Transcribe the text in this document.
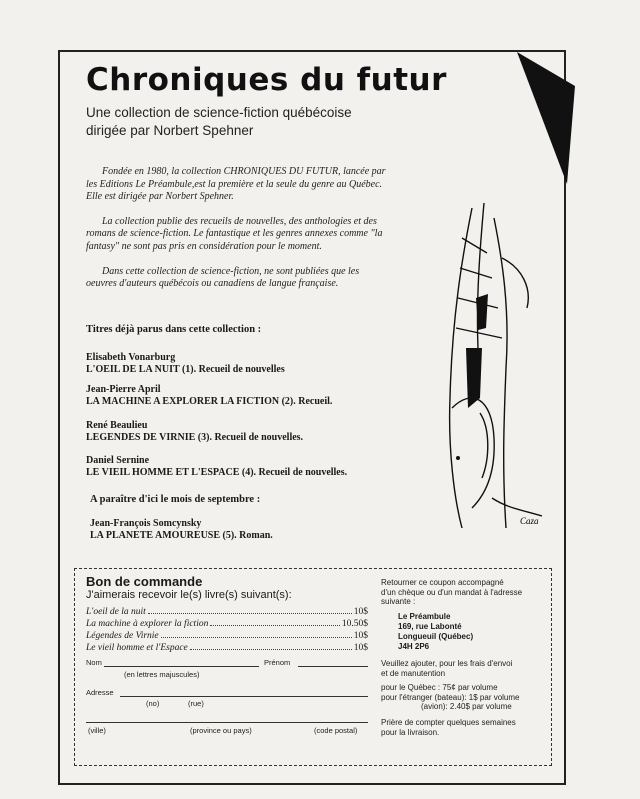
Chroniques du futur
Une collection de science-fiction québécoise
dirigée par Norbert Spehner

Fondée en 1980, la collection CHRONIQUES DU FUTUR, lancée par les Editions Le Préambule,est la première et la seule du genre au Québec. Elle est dirigée par Norbert Spehner.

La collection publie des recueils de nouvelles, des anthologies et des romans de science-fiction. Le fantastique et les genres annexes comme "la fantasy" ne sont pas pris en considération pour le moment.

Dans cette collection de science-fiction, ne sont publiées que les oeuvres d'auteurs québécois ou canadiens de langue française.

Titres déjà parus dans cette collection :
Elisabeth Vonarburg
L'OEIL DE LA NUIT (1). Recueil de nouvelles
Jean-Pierre April
LA MACHINE A EXPLORER LA FICTION (2). Recueil.
René Beaulieu
LEGENDES DE VIRNIE (3). Recueil de nouvelles.
Daniel Sernine
LE VIEIL HOMME ET L'ESPACE (4). Recueil de nouvelles.
A paraître d'ici le mois de septembre :
Jean-François Somcynsky
LA PLANETE AMOUREUSE (5). Roman.
Caza
Bon de commande
J'aimerais recevoir le(s) livre(s) suivant(s):
L'oeil de la nuit	10$
La machine à explorer la fiction	10.50$
Légendes de Virnie	10$
Le vieil homme et l'Espace	10$
Nom	Prénom
(en lettres majuscules)
Adresse
(no)	(rue)
(ville)	(province ou pays)	(code postal)
Retourner ce coupon accompagné
d'un chèque ou d'un mandat à l'adresse
suivante :
Le Préambule
169, rue Labonté
Longueuil (Québec)
J4H 2P6
Veuillez ajouter, pour les frais d'envoi
et de manutention
pour le Québec : 75¢ par volume
pour l'étranger (bateau): 1$ par volume
(avion): 2.40$ par volume
Prière de compter quelques semaines
pour la livraison.
